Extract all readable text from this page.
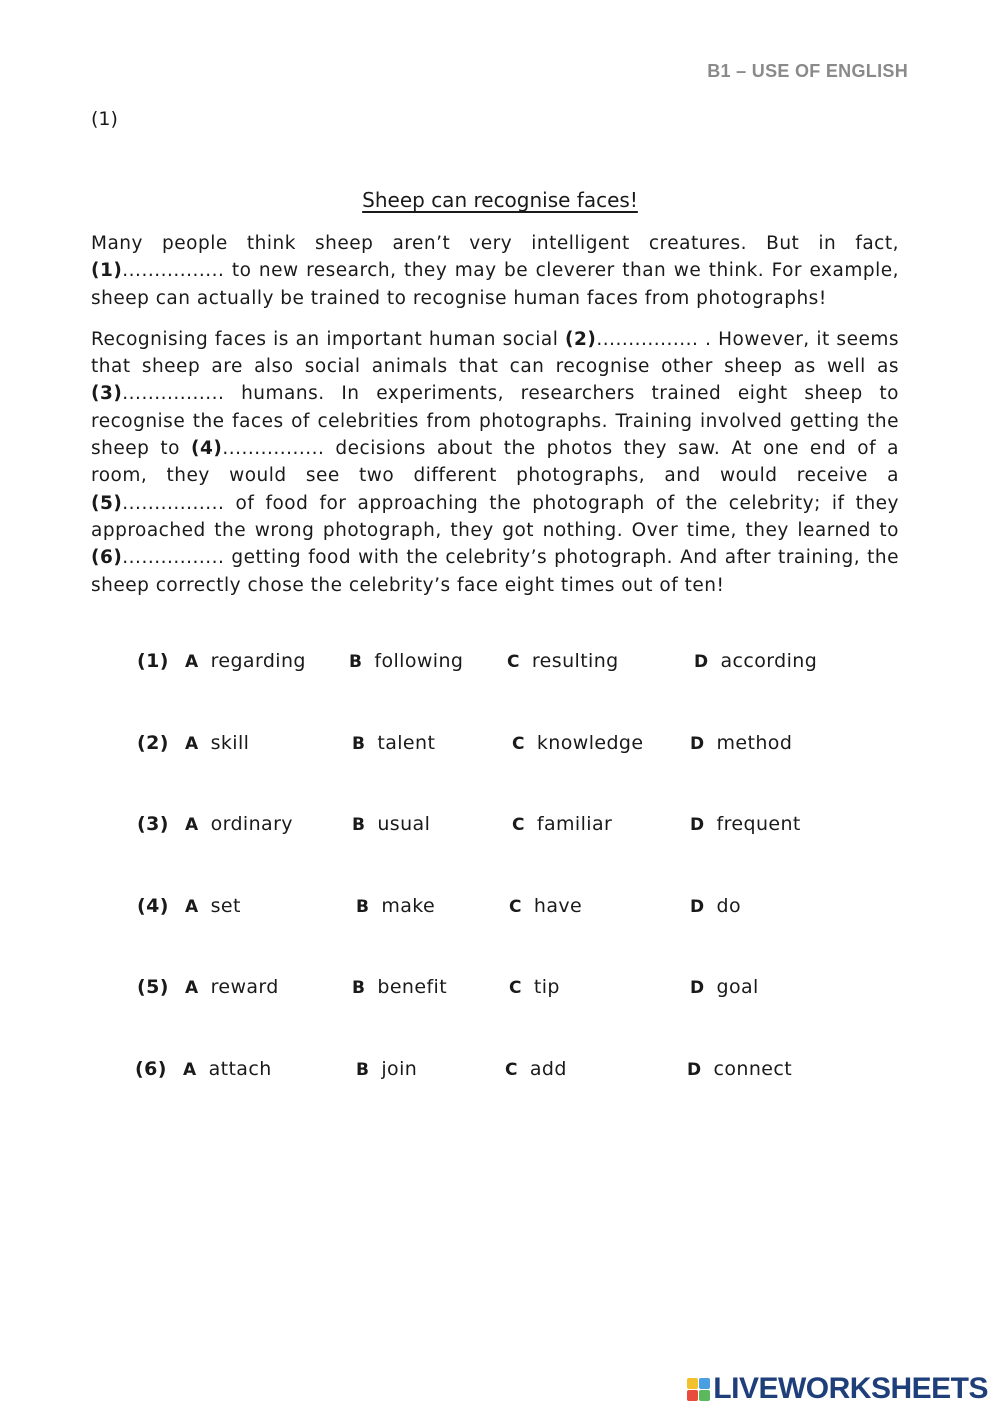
B1 – USE OF ENGLISH
(1)
Sheep can recognise faces!

Many people think sheep aren’t very intelligent creatures. But in fact, (1)................ to new research, they may be cleverer than we think. For example, sheep can actually be trained to recognise human faces from photographs!

Recognising faces is an important human social (2)................ . However, it seems that sheep are also social animals that can recognise other sheep as well as (3)................ humans. In experiments, researchers trained eight sheep to recognise the faces of celebrities from photographs. Training involved getting the sheep to (4)................ decisions about the photos they saw. At one end of a room, they would see two different photographs, and would receive a (5)................ of food for approaching the photograph of the celebrity; if they approached the wrong photograph, they got nothing. Over time, they learned to (6)................ getting food with the celebrity’s photograph. And after training, the sheep correctly chose the celebrity’s face eight times out of ten!

(1) A regarding	B following	C resulting	D according
(2) A skill	B talent	C knowledge	D method
(3) A ordinary	B usual	C familiar	D frequent
(4) A set	B make	C have	D do
(5) A reward	B benefit	C tip	D goal
(6) A attach	B join	C add	D connect
LIVEWORKSHEETS
